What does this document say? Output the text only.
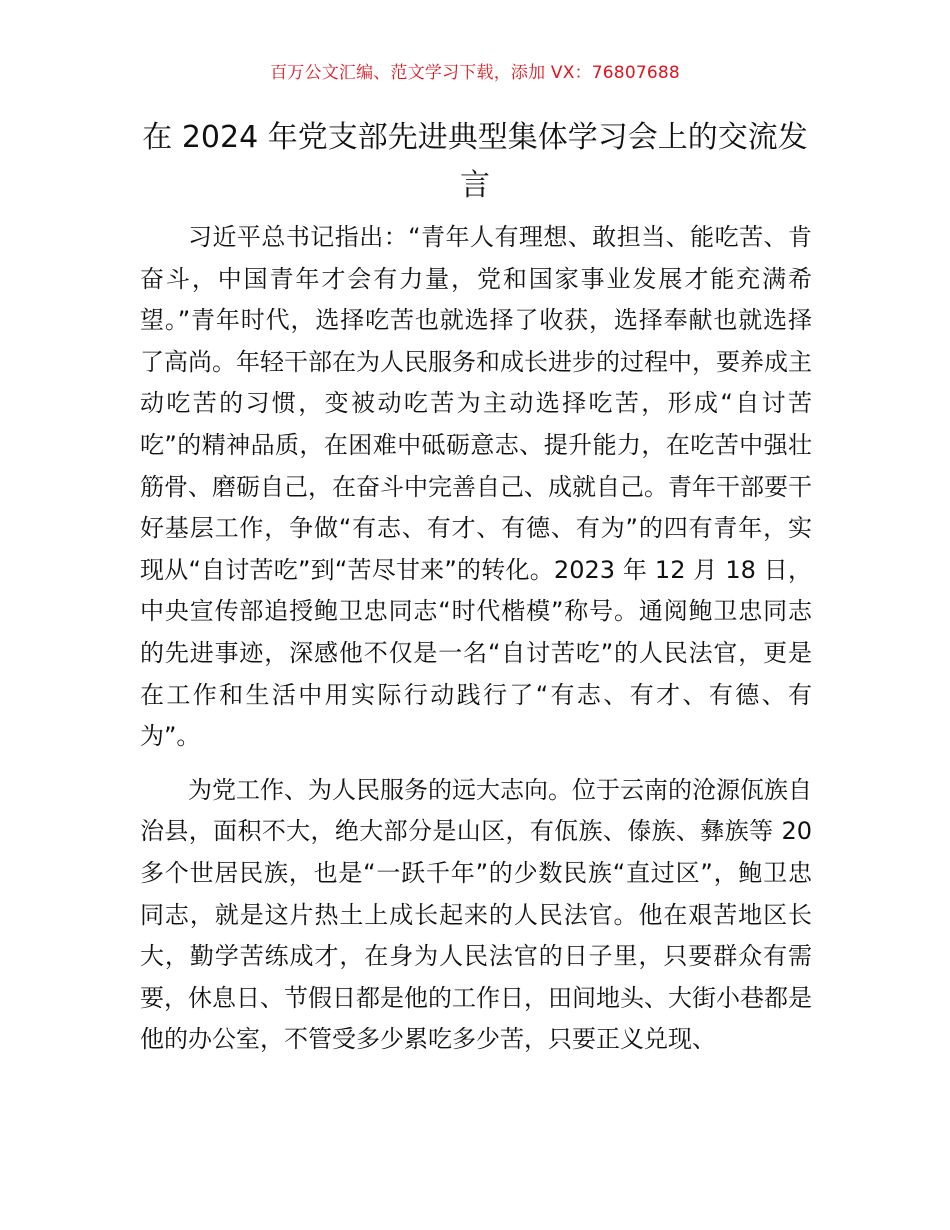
百万公文汇编、范文学习下载，添加 VX：76807688
在 2024 年党支部先进典型集体学习会上的交流发言

习近平总书记指出：“青年人有理想、敢担当、能吃苦、肯奋斗，中国青年才会有力量，党和国家事业发展才能充满希望。”青年时代，选择吃苦也就选择了收获，选择奉献也就选择了高尚。年轻干部在为人民服务和成长进步的过程中，要养成主动吃苦的习惯，变被动吃苦为主动选择吃苦，形成“自讨苦吃”的精神品质，在困难中砥砺意志、提升能力，在吃苦中强壮筋骨、磨砺自己，在奋斗中完善自己、成就自己。青年干部要干好基层工作，争做“有志、有才、有德、有为”的四有青年，实现从“自讨苦吃”到“苦尽甘来”的转化。2023 年 12 月 18 日，中央宣传部追授鲍卫忠同志“时代楷模”称号。通阅鲍卫忠同志的先进事迹，深感他不仅是一名“自讨苦吃”的人民法官，更是在工作和生活中用实际行动践行了“有志、有才、有德、有为”。

为党工作、为人民服务的远大志向。位于云南的沧源佤族自治县，面积不大，绝大部分是山区，有佤族、傣族、彝族等 20 多个世居民族，也是“一跃千年”的少数民族“直过区”，鲍卫忠同志，就是这片热土上成长起来的人民法官。他在艰苦地区长大，勤学苦练成才，在身为人民法官的日子里，只要群众有需要，休息日、节假日都是他的工作日，田间地头、大街小巷都是他的办公室，不管受多少累吃多少苦，只要正义兑现、
